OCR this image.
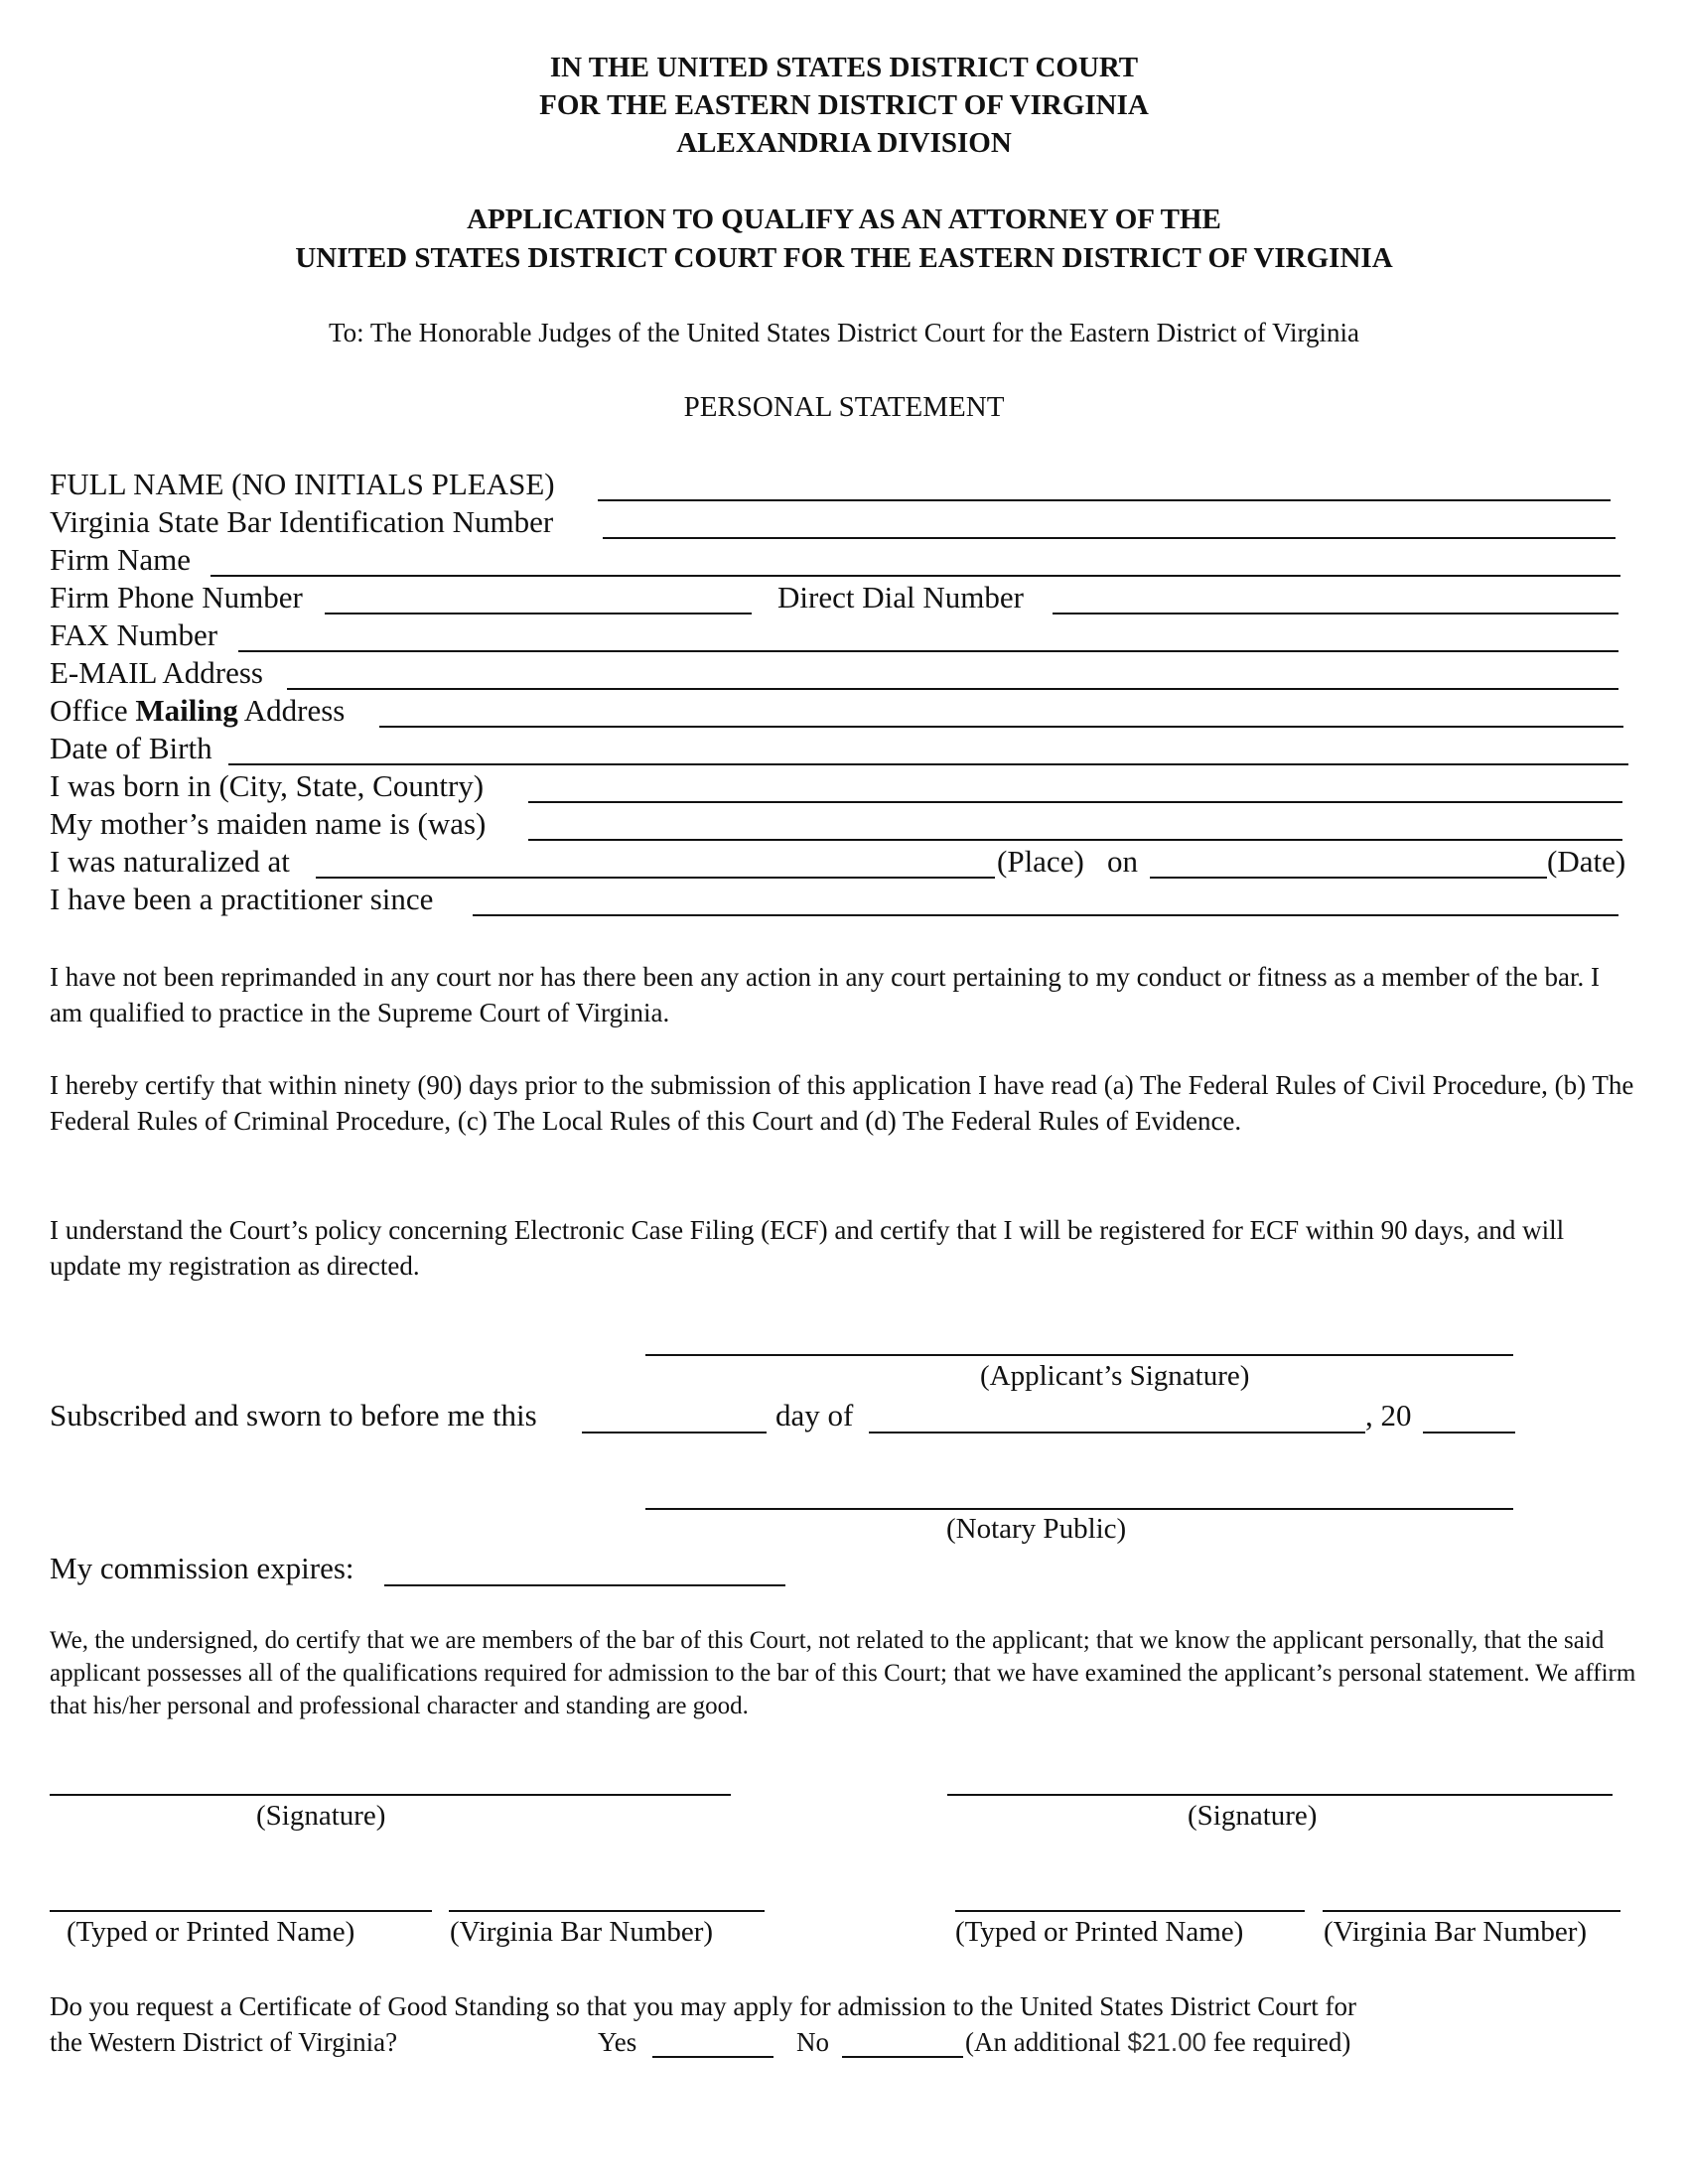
IN THE UNITED STATES DISTRICT COURT
FOR THE EASTERN DISTRICT OF VIRGINIA
ALEXANDRIA DIVISION
APPLICATION TO QUALIFY AS AN ATTORNEY OF THE
UNITED STATES DISTRICT COURT FOR THE EASTERN DISTRICT OF VIRGINIA
To: The Honorable Judges of the United States District Court for the Eastern District of Virginia
PERSONAL STATEMENT
FULL NAME (NO INITIALS PLEASE)
Virginia State Bar Identification Number
Firm Name
Firm Phone Number	Direct Dial Number
FAX Number
E-MAIL Address
Office Mailing Address
Date of Birth
I was born in (City, State, Country)
My mother’s maiden name is (was)
I was naturalized at	(Place) on	(Date)
I have been a practitioner since
I have not been reprimanded in any court nor has there been any action in any court pertaining to my conduct or fitness as a member of the bar. I am qualified to practice in the Supreme Court of Virginia.
I hereby certify that within ninety (90) days prior to the submission of this application I have read (a) The Federal Rules of Civil Procedure, (b) The Federal Rules of Criminal Procedure, (c) The Local Rules of this Court and (d) The Federal Rules of Evidence.
I understand the Court’s policy concerning Electronic Case Filing (ECF) and certify that I will be registered for ECF within 90 days, and will update my registration as directed.
(Applicant’s Signature)
Subscribed and sworn to before me this	day of	, 20
(Notary Public)
My commission expires:
We, the undersigned, do certify that we are members of the bar of this Court, not related to the applicant; that we know the applicant personally, that the said applicant possesses all of the qualifications required for admission to the bar of this Court; that we have examined the applicant’s personal statement. We affirm that his/her personal and professional character and standing are good.
(Signature)	(Signature)
(Typed or Printed Name)	(Virginia Bar Number)	(Typed or Printed Name)	(Virginia Bar Number)
Do you request a Certificate of Good Standing so that you may apply for admission to the United States District Court for
the Western District of Virginia?	Yes	No	(An additional $21.00 fee required)
